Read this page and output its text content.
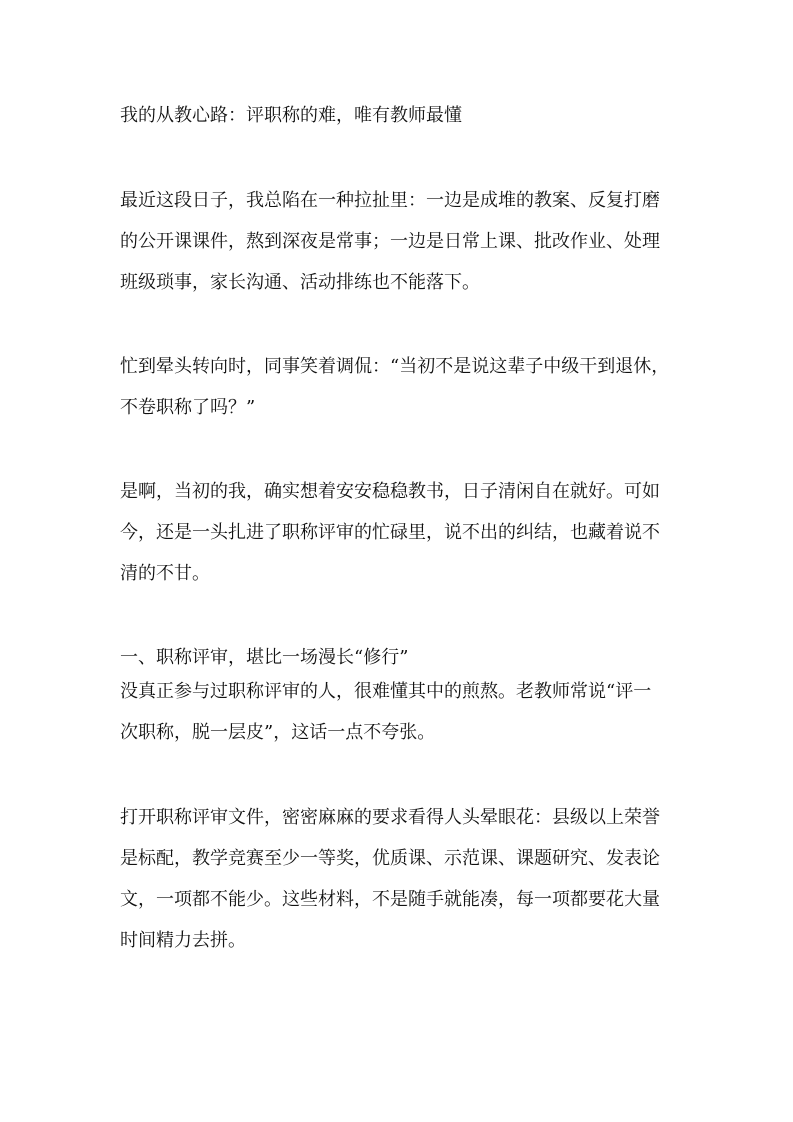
我的从教心路：评职称的难，唯有教师最懂

最近这段日子，我总陷在一种拉扯里：一边是成堆的教案、反复打磨

的公开课课件，熬到深夜是常事；一边是日常上课、批改作业、处理

班级琐事，家长沟通、活动排练也不能落下。

忙到晕头转向时，同事笑着调侃：“当初不是说这辈子中级干到退休，

不卷职称了吗？”

是啊，当初的我，确实想着安安稳稳教书，日子清闲自在就好。可如

今，还是一头扎进了职称评审的忙碌里，说不出的纠结，也藏着说不

清的不甘。

一、职称评审，堪比一场漫长“修行”

没真正参与过职称评审的人，很难懂其中的煎熬。老教师常说“评一

次职称，脱一层皮”，这话一点不夸张。

打开职称评审文件，密密麻麻的要求看得人头晕眼花：县级以上荣誉

是标配，教学竞赛至少一等奖，优质课、示范课、课题研究、发表论

文，一项都不能少。这些材料，不是随手就能凑，每一项都要花大量

时间精力去拼。
